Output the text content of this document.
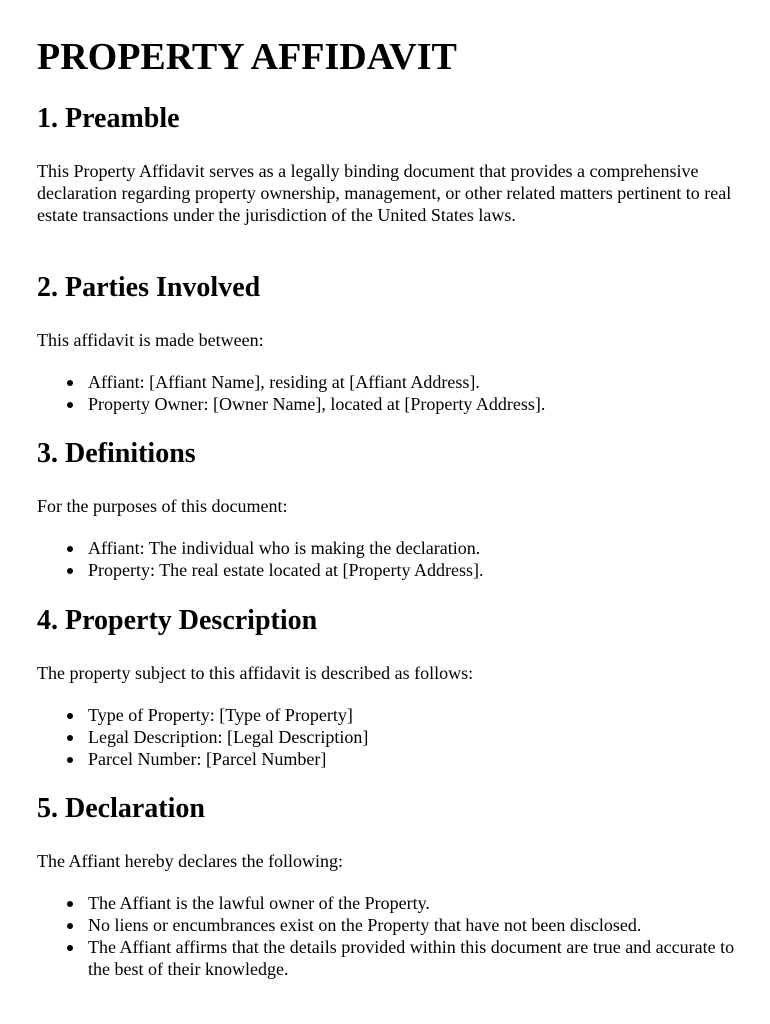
PROPERTY AFFIDAVIT
1. Preamble

This Property Affidavit serves as a legally binding document that provides a comprehensive declaration regarding property ownership, management, or other related matters pertinent to real estate transactions under the jurisdiction of the United States laws.

2. Parties Involved

This affidavit is made between:

Affiant: [Affiant Name], residing at [Affiant Address].
Property Owner: [Owner Name], located at [Property Address].
3. Definitions

For the purposes of this document:

Affiant: The individual who is making the declaration.
Property: The real estate located at [Property Address].
4. Property Description

The property subject to this affidavit is described as follows:

Type of Property: [Type of Property]
Legal Description: [Legal Description]
Parcel Number: [Parcel Number]
5. Declaration

The Affiant hereby declares the following:

The Affiant is the lawful owner of the Property.
No liens or encumbrances exist on the Property that have not been disclosed.
The Affiant affirms that the details provided within this document are true and accurate to the best of their knowledge.
